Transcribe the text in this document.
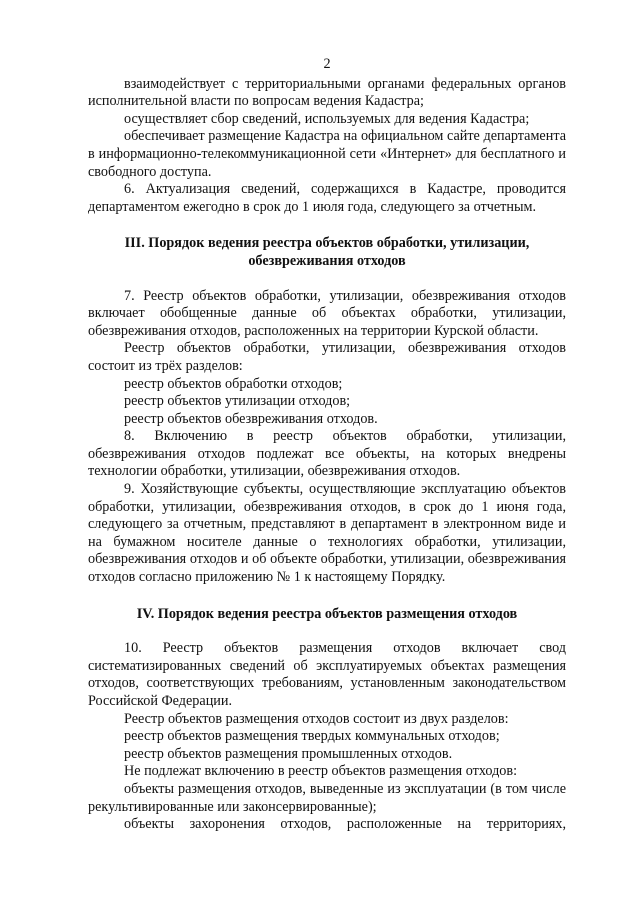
2

взаимодействует с территориальными органами федеральных органов исполнительной власти по вопросам ведения Кадастра;

осуществляет сбор сведений, используемых для ведения Кадастра;

обеспечивает размещение Кадастра на официальном сайте департамента в информационно-телекоммуникационной сети «Интернет» для бесплатного и свободного доступа.

6. Актуализация сведений, содержащихся в Кадастре, проводится департаментом ежегодно в срок до 1 июля года, следующего за отчетным.

III. Порядок ведения реестра объектов обработки, утилизации,
обезвреживания отходов

7. Реестр объектов обработки, утилизации, обезвреживания отходов включает обобщенные данные об объектах обработки, утилизации, обезвреживания отходов, расположенных на территории Курской области.

Реестр объектов обработки, утилизации, обезвреживания отходов состоит из трёх разделов:

реестр объектов обработки отходов;

реестр объектов утилизации отходов;

реестр объектов обезвреживания отходов.

8. Включению в реестр объектов обработки, утилизации, обезвреживания отходов подлежат все объекты, на которых внедрены технологии обработки, утилизации, обезвреживания отходов.

9. Хозяйствующие субъекты, осуществляющие эксплуатацию объектов обработки, утилизации, обезвреживания отходов, в срок до 1 июня года, следующего за отчетным, представляют в департамент в электронном виде и на бумажном носителе данные о технологиях обработки, утилизации, обезвреживания отходов и об объекте обработки, утилизации, обезвреживания отходов согласно приложению № 1 к настоящему Порядку.

IV. Порядок ведения реестра объектов размещения отходов

10. Реестр объектов размещения отходов включает свод систематизированных сведений об эксплуатируемых объектах размещения отходов, соответствующих требованиям, установленным законодательством Российской Федерации.

Реестр объектов размещения отходов состоит из двух разделов:

реестр объектов размещения твердых коммунальных отходов;

реестр объектов размещения промышленных отходов.

Не подлежат включению в реестр объектов размещения отходов:

объекты размещения отходов, выведенные из эксплуатации (в том числе рекультивированные или законсервированные);

объекты захоронения отходов, расположенные на территориях,
